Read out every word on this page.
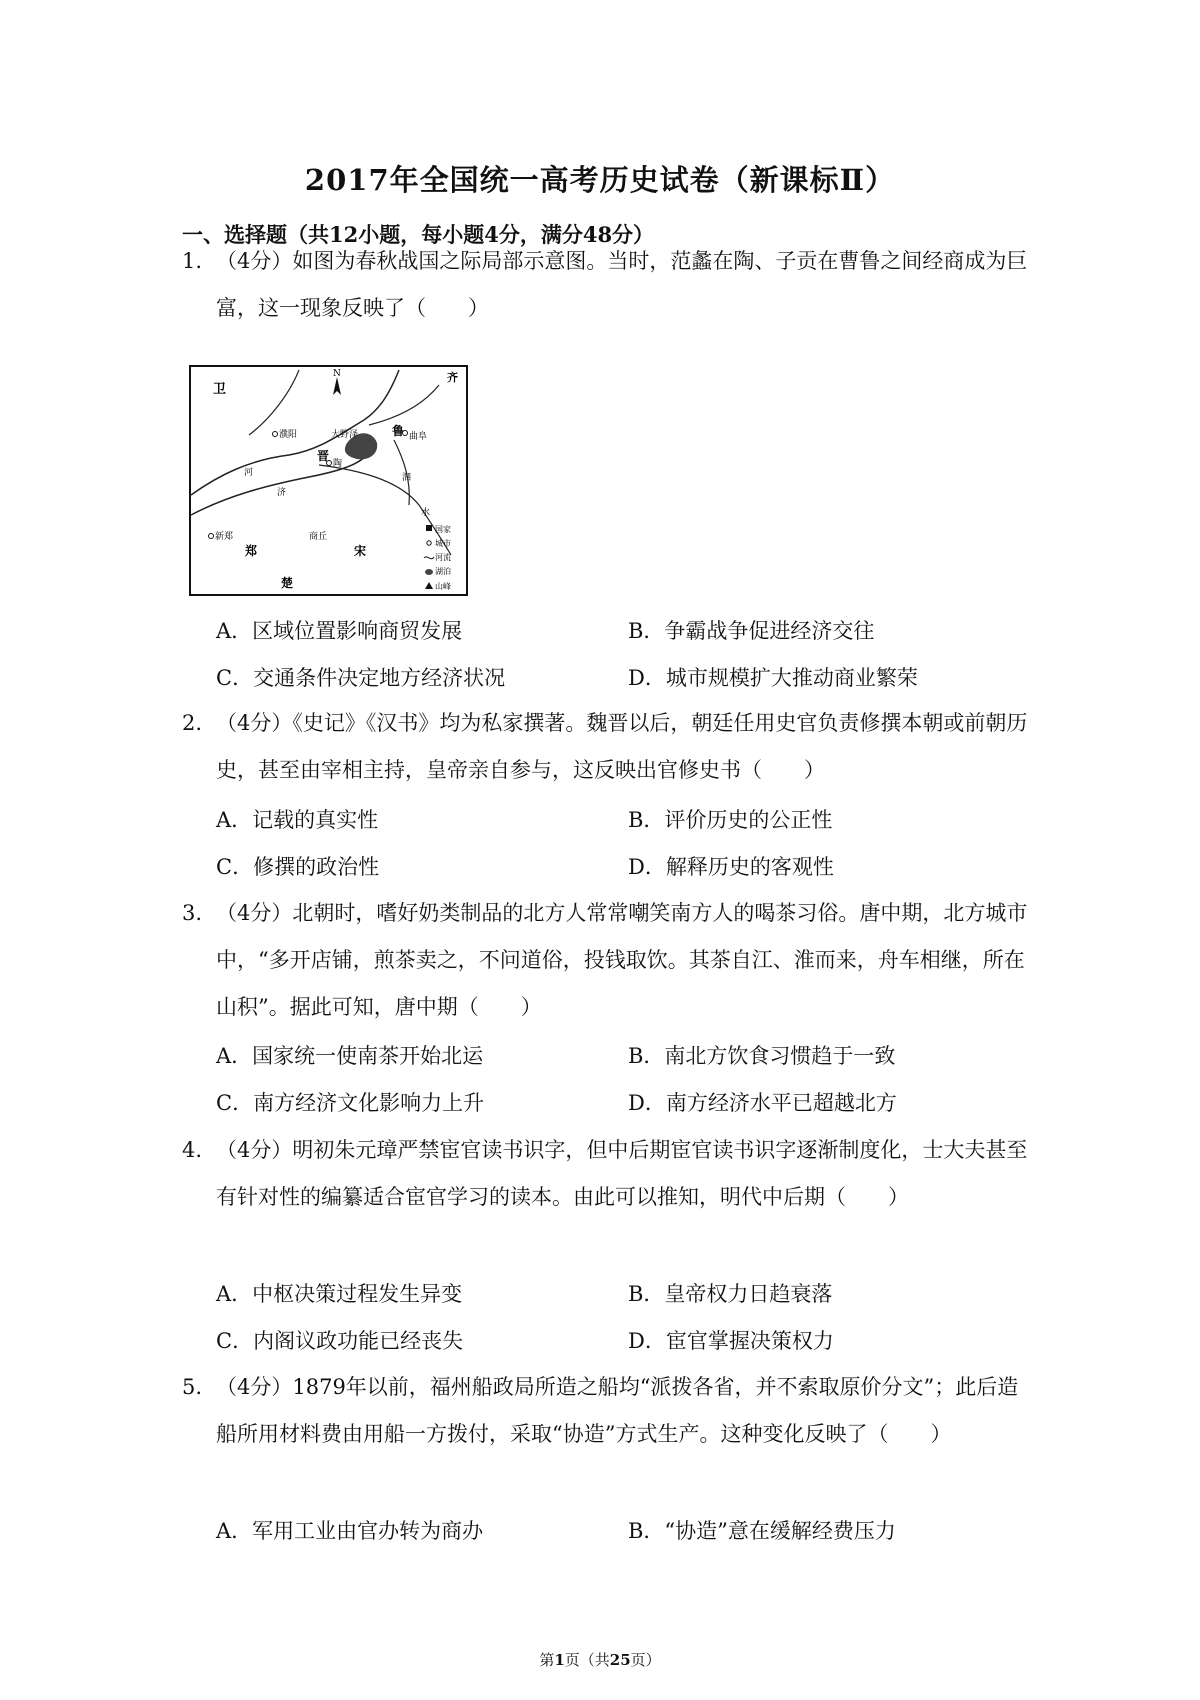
2017年全国统一高考历史试卷（新课标Ⅱ）
一、选择题（共12小题，每小题4分，满分48分）
1. （4分）如图为春秋战国之际局部示意图。当时，范蠡在陶、子贡在曹鲁之间经商成为巨富，这一现象反映了（　　）
N
卫
齐
鲁
晋
郑	宋
楚
濮阳	大野泽	曲阜
陶
新郑	商丘
河
济
泗
水
国家
城市
河流
湖泊
山峰
A．区域位置影响商贸发展	B．争霸战争促进经济交往
C．交通条件决定地方经济状况	D．城市规模扩大推动商业繁荣
2. （4分）《史记》《汉书》均为私家撰著。魏晋以后，朝廷任用史官负责修撰本朝或前朝历史，甚至由宰相主持，皇帝亲自参与，这反映出官修史书（　　）
A．记载的真实性	B．评价历史的公正性
C．修撰的政治性	D．解释历史的客观性
3. （4分）北朝时，嗜好奶类制品的北方人常常嘲笑南方人的喝茶习俗。唐中期，北方城市中，“多开店铺，煎茶卖之，不问道俗，投钱取饮。其茶自江、淮而来，舟车相继，所在山积”。据此可知，唐中期（　　）
A．国家统一使南茶开始北运	B．南北方饮食习惯趋于一致
C．南方经济文化影响力上升	D．南方经济水平已超越北方
4. （4分）明初朱元璋严禁宦官读书识字，但中后期宦官读书识字逐渐制度化，士大夫甚至有针对性的编纂适合宦官学习的读本。由此可以推知，明代中后期（　　）
A．中枢决策过程发生异变	B．皇帝权力日趋衰落
C．内阁议政功能已经丧失	D．宦官掌握决策权力
5. （4分）1879年以前，福州船政局所造之船均“派拨各省，并不索取原价分文”；此后造船所用材料费由用船一方拨付，采取“协造”方式生产。这种变化反映了（　　）
A．军用工业由官办转为商办	B．“协造”意在缓解经费压力
第1页（共25页）
